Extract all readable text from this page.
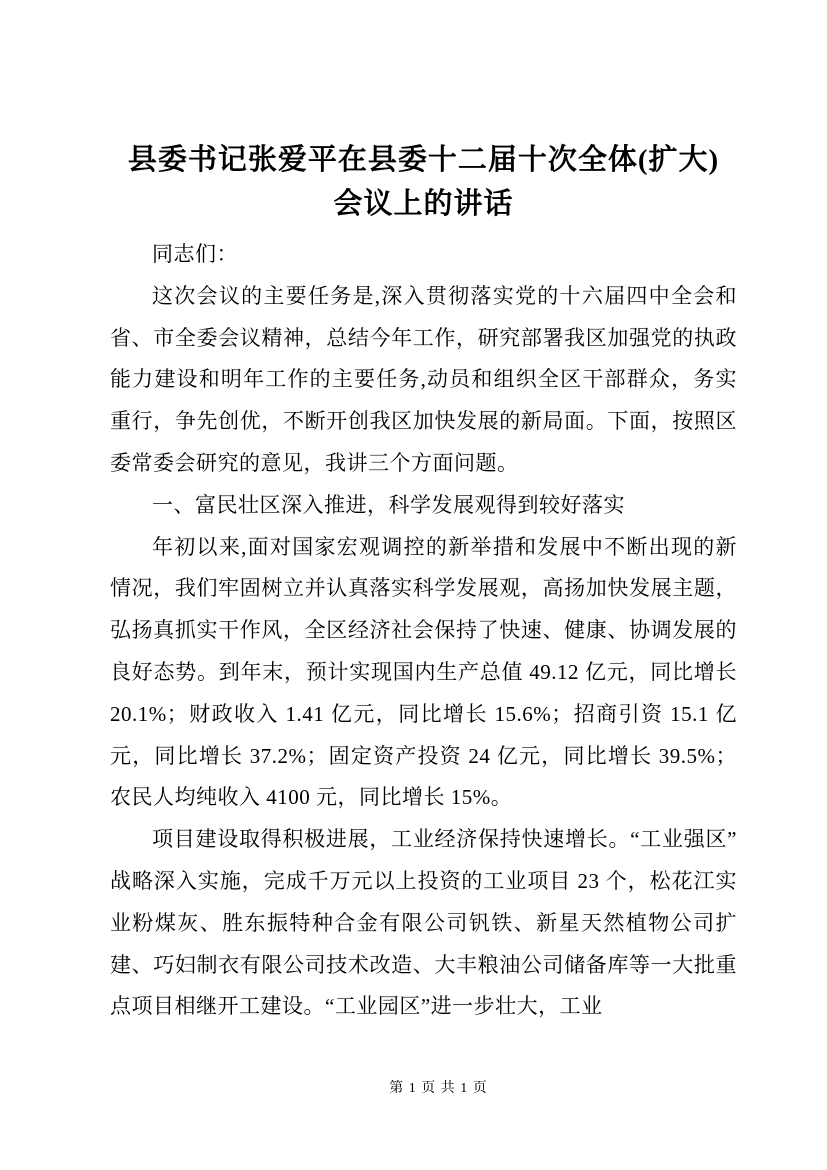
县委书记张爱平在县委十二届十次全体(扩大)
会议上的讲话

同志们：

这次会议的主要任务是,深入贯彻落实党的十六届四中全会和省、市全委会议精神，总结今年工作，研究部署我区加强党的执政能力建设和明年工作的主要任务,动员和组织全区干部群众，务实重行，争先创优，不断开创我区加快发展的新局面。下面，按照区委常委会研究的意见，我讲三个方面问题。

一、富民壮区深入推进，科学发展观得到较好落实

年初以来,面对国家宏观调控的新举措和发展中不断出现的新情况，我们牢固树立并认真落实科学发展观，高扬加快发展主题，弘扬真抓实干作风，全区经济社会保持了快速、健康、协调发展的良好态势。到年末，预计实现国内生产总值 49.12 亿元，同比增长 20.1%；财政收入 1.41 亿元，同比增长 15.6%；招商引资 15.1 亿元，同比增长 37.2%；固定资产投资 24 亿元，同比增长 39.5%；农民人均纯收入 4100 元，同比增长 15%。

项目建设取得积极进展，工业经济保持快速增长。“工业强区”战略深入实施，完成千万元以上投资的工业项目 23 个，松花江实业粉煤灰、胜东振特种合金有限公司钒铁、新星天然植物公司扩建、巧妇制衣有限公司技术改造、大丰粮油公司储备库等一大批重点项目相继开工建设。“工业园区”进一步壮大，工业

第 1 页 共 1 页
